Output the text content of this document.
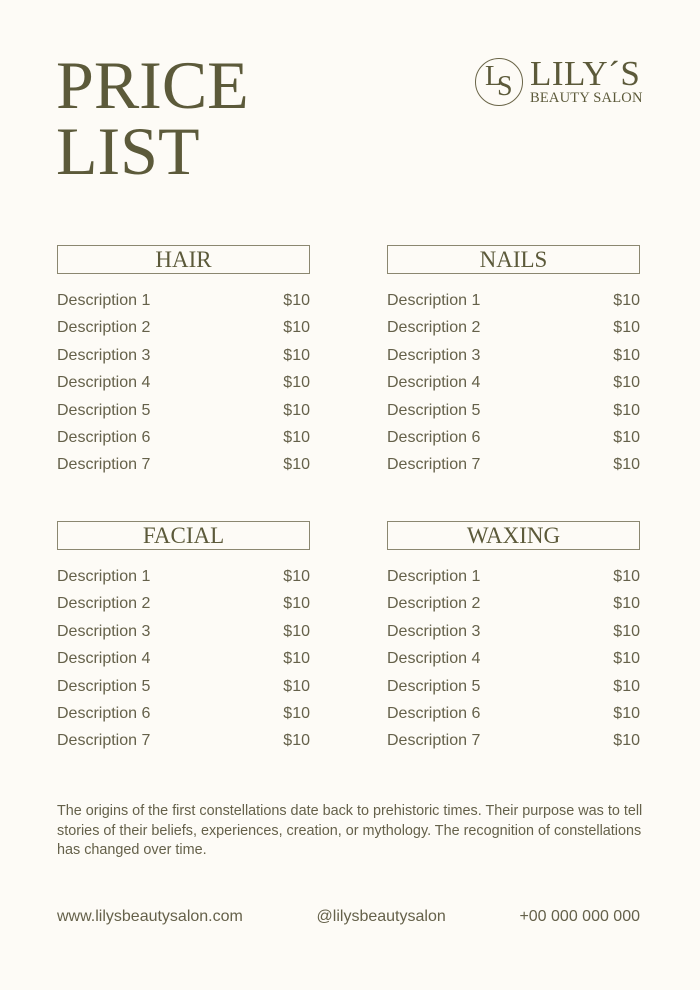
PRICE
LIST
L
S LILY´S
BEAUTY SALON
HAIR
Description 1	$10
Description 2	$10
Description 3	$10
Description 4	$10
Description 5	$10
Description 6	$10
Description 7	$10
NAILS
Description 1	$10
Description 2	$10
Description 3	$10
Description 4	$10
Description 5	$10
Description 6	$10
Description 7	$10
FACIAL
Description 1	$10
Description 2	$10
Description 3	$10
Description 4	$10
Description 5	$10
Description 6	$10
Description 7	$10
WAXING
Description 1	$10
Description 2	$10
Description 3	$10
Description 4	$10
Description 5	$10
Description 6	$10
Description 7	$10
The origins of the first constellations date back to prehistoric times. Their purpose was to tell stories of their beliefs, experiences, creation, or mythology. The recognition of constellations has changed over time.
www.lilysbeautysalon.com	@lilysbeautysalon	+00 000 000 000
